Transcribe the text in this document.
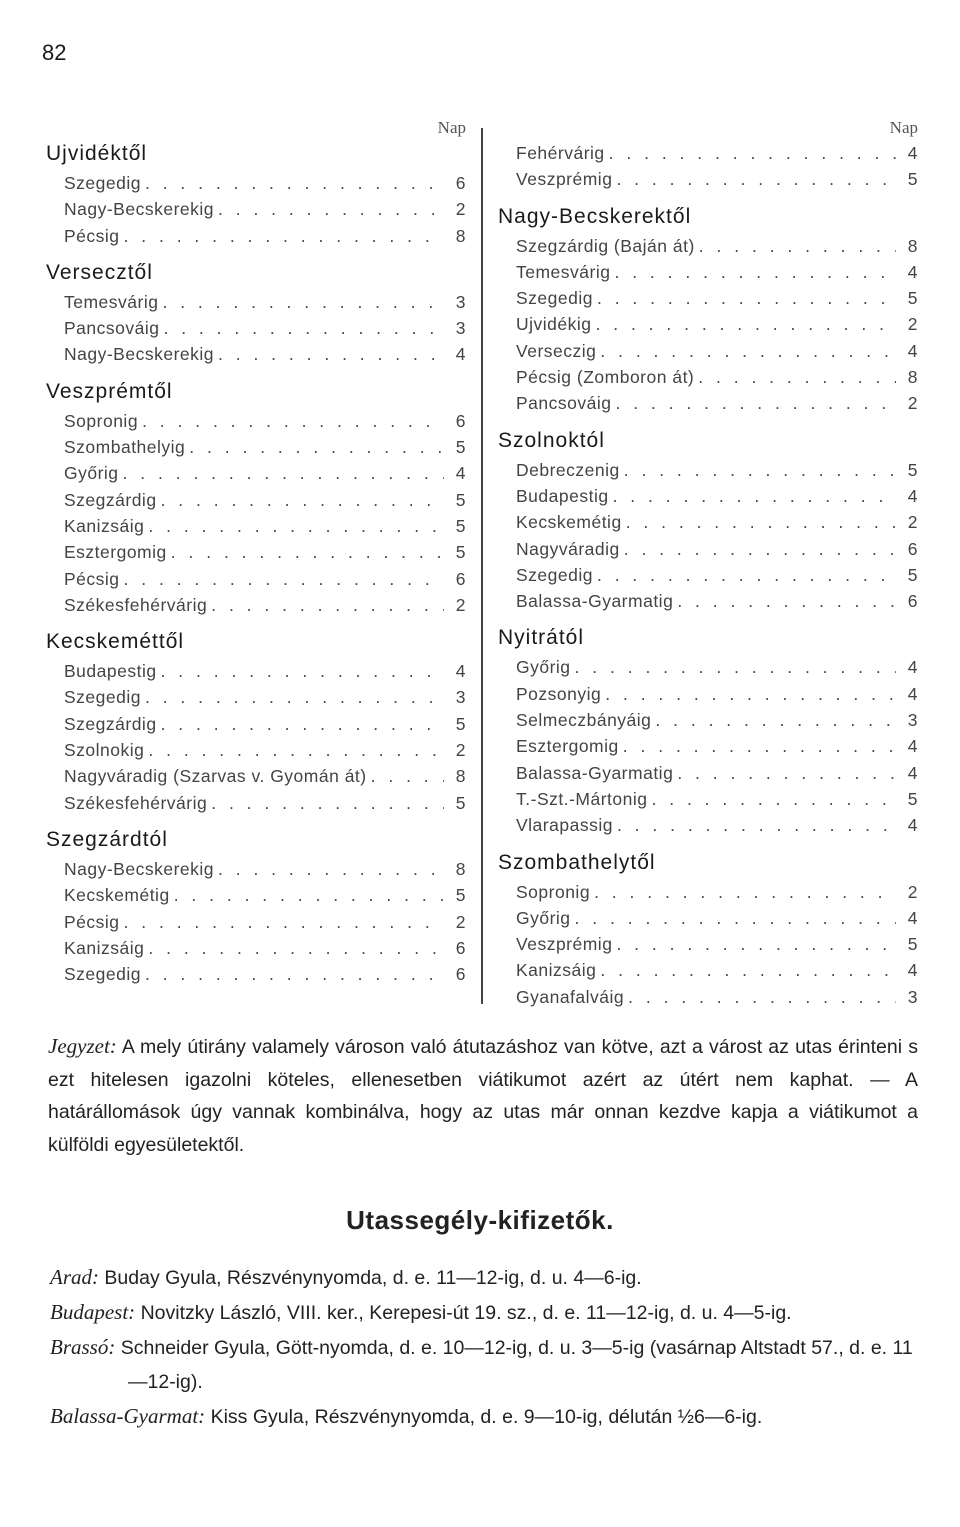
82
Nap
Ujvidéktől
Szegedig . . .	6
Nagy-Becskerekig . . .	2
Pécsig . . .	8
Versecztől
Temesvárig . . .	3
Pancsováig . . .	3
Nagy-Becskerekig . . .	4
Veszprémtől
Sopronig . . .	6
Szombathelyig . . .	5
Győrig . . .	4
Szegzárdig . . .	5
Kanizsáig . . .	5
Esztergomig . . .	5
Pécsig . . .	6
Székesfehérvárig . . .	2
Kecskeméttől
Budapestig . . .	4
Szegedig . . .	3
Szegzárdig . . .	5
Szolnokig . . .	2
Nagyváradig (Szarvas v. Gyomán át) . . .	8
Székesfehérvárig . . .	5
Szegzárdtól
Nagy-Becskerekig . . .	8
Kecskemétig . . .	5
Pécsig . . .	2
Kanizsáig . . .	6
Szegedig . . .	6
Nap
Fehérvárig . . .	4
Veszprémig . . .	5
Nagy-Becskerektől
Szegzárdig (Baján át) . . .	8
Temesvárig . . .	4
Szegedig . . .	5
Ujvidékig . . .	2
Verseczig . . .	4
Pécsig (Zomboron át) . . .	8
Pancsováig . . .	2
Szolnoktól
Debreczenig . . .	5
Budapestig . . .	4
Kecskemétig . . .	2
Nagyváradig . . .	6
Szegedig . . .	5
Balassa-Gyarmatig . . .	6
Nyitrától
Győrig . . .	4
Pozsonyig . . .	4
Selmeczbányáig . . .	3
Esztergomig . . .	4
Balassa-Gyarmatig . . .	4
T.-Szt.-Mártonig . . .	5
Vlarapassig . . .	4
Szombathelytől
Sopronig . . .	2
Győrig . . .	4
Veszprémig . . .	5
Kanizsáig . . .	4
Gyanafalváig . . .	3
Jegyzet: A mely útirány valamely városon való átutazáshoz van kötve, azt a várost az utas érinteni s ezt hitelesen igazolni köteles, ellenesetben viátikumot azért az útért nem kaphat. — A határállomások úgy vannak kombinálva, hogy az utas már onnan kezdve kapja a viátikumot a külföldi egyesületektől.
Utassegély-kifizetők.
Arad: Buday Gyula, Részvénynyomda, d. e. 11—12-ig, d. u. 4—6-ig.
Budapest: Novitzky László, VIII. ker., Kerepesi-út 19. sz., d. e. 11—12-ig, d. u. 4—5-ig.
Brassó: Schneider Gyula, Gött-nyomda, d. e. 10—12-ig, d. u. 3—5-ig (vasárnap Altstadt 57., d. e. 11—12-ig).
Balassa-Gyarmat: Kiss Gyula, Részvénynyomda, d. e. 9—10-ig, délután ½6—6-ig.
